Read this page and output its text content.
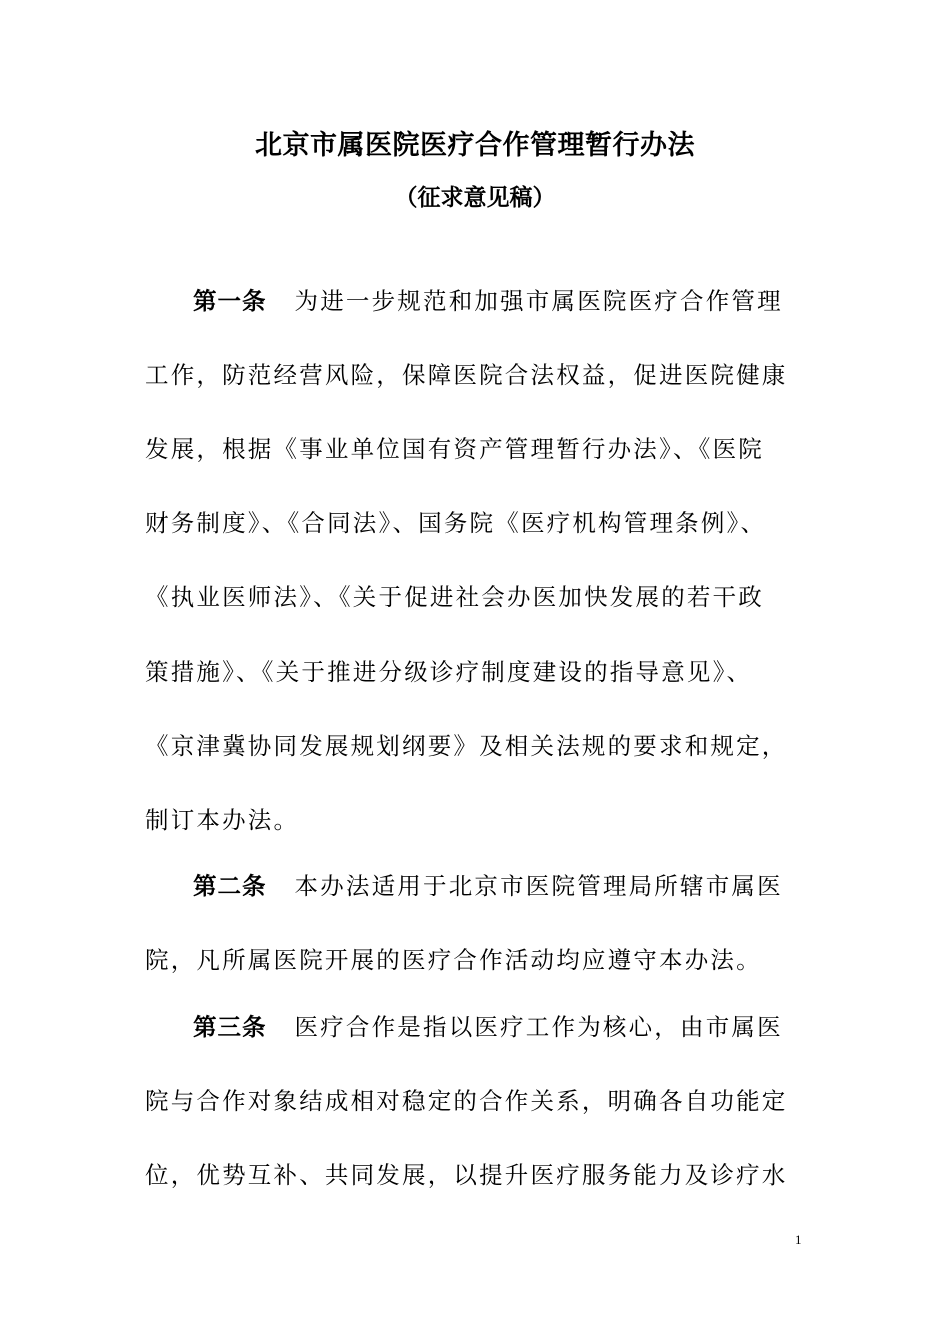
北京市属医院医疗合作管理暂行办法
（征求意见稿）
第一条 为进一步规范和加强市属医院医疗合作管理
工作，防范经营风险，保障医院合法权益，促进医院健康
发展，根据《事业单位国有资产管理暂行办法》、《医院
财务制度》、《合同法》、国务院《医疗机构管理条例》、
《执业医师法》、《关于促进社会办医加快发展的若干政
策措施》、《关于推进分级诊疗制度建设的指导意见》、
《京津冀协同发展规划纲要》及相关法规的要求和规定，
制订本办法。
第二条 本办法适用于北京市医院管理局所辖市属医
院，凡所属医院开展的医疗合作活动均应遵守本办法。
第三条 医疗合作是指以医疗工作为核心，由市属医
院与合作对象结成相对稳定的合作关系，明确各自功能定
位，优势互补、共同发展，以提升医疗服务能力及诊疗水
1
